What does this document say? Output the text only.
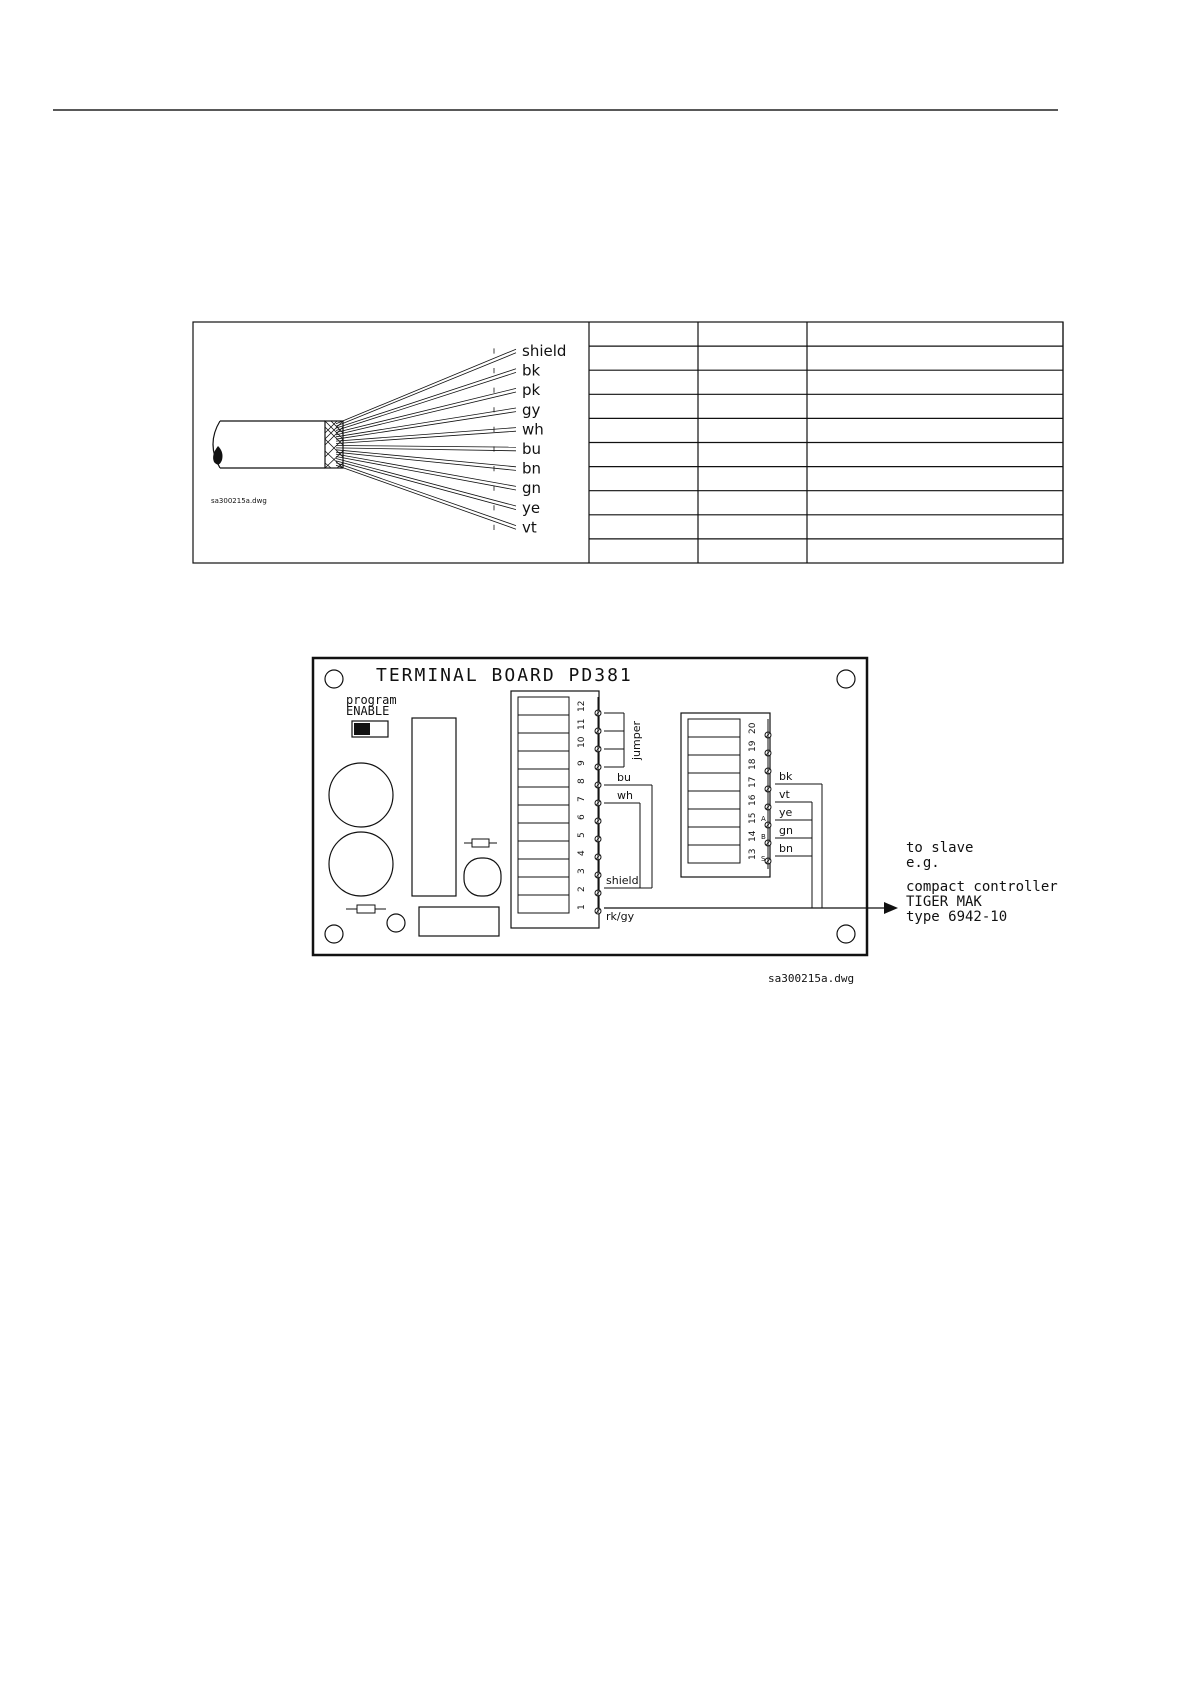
shield
bk
pk
gy
wh
bu
bn
gn
ye
vt
sa300215a.dwg
TERMINAL BOARD PD381
program
ENABLE	12
11
10
9
8
7
6
5
4
3
2
1
20
19
18
17
16
15
14
13
A
B
S
jumper
bu
wh
shield
rk/gy
bk
vt
ye
gn
bn	to slave
e.g.
compact controller
TIGER MAK
type 6942-10
sa300215a.dwg
